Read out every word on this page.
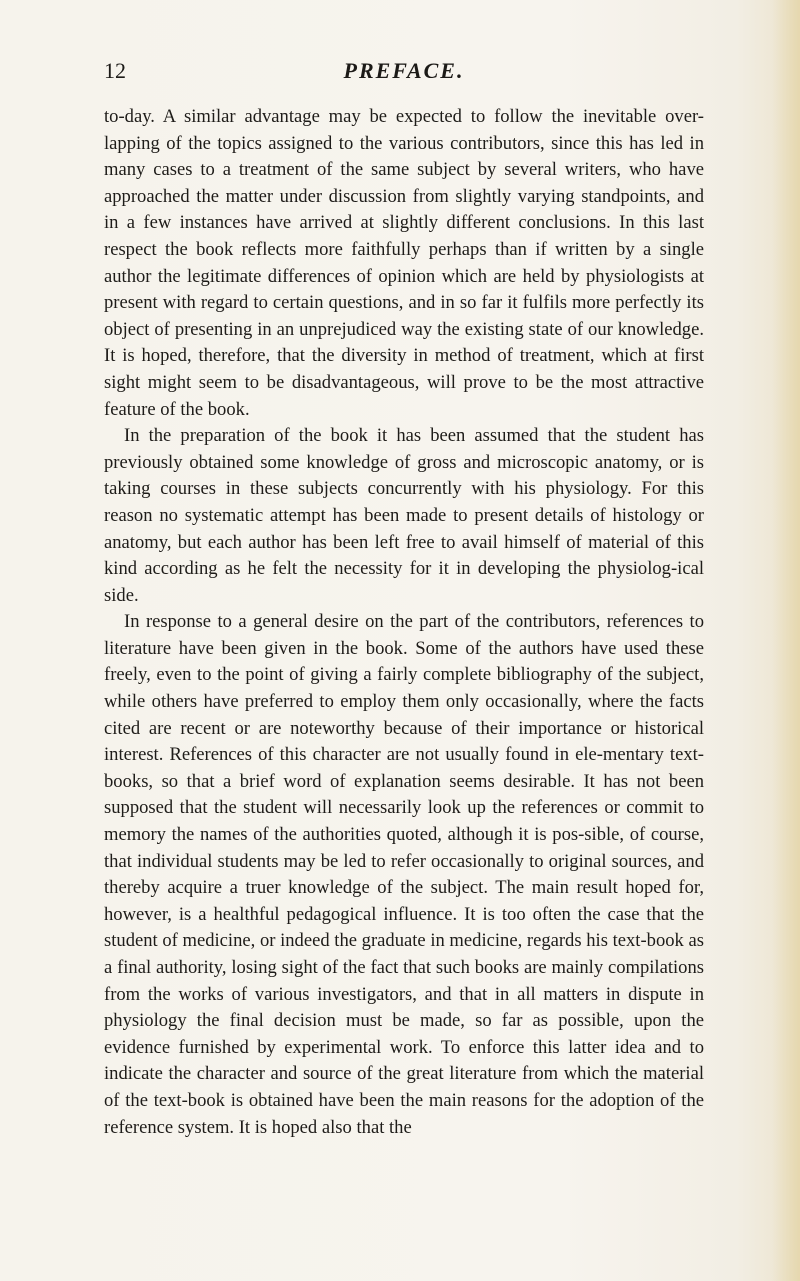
12	PREFACE.

to-day. A similar advantage may be expected to follow the inevitable over-lapping of the topics assigned to the various contributors, since this has led in many cases to a treatment of the same subject by several writers, who have approached the matter under discussion from slightly varying standpoints, and in a few instances have arrived at slightly different conclusions. In this last respect the book reflects more faithfully perhaps than if written by a single author the legitimate differences of opinion which are held by physiologists at present with regard to certain questions, and in so far it fulfils more perfectly its object of presenting in an unprejudiced way the existing state of our knowledge. It is hoped, therefore, that the diversity in method of treatment, which at first sight might seem to be disadvantageous, will prove to be the most attractive feature of the book.

In the preparation of the book it has been assumed that the student has previously obtained some knowledge of gross and microscopic anatomy, or is taking courses in these subjects concurrently with his physiology. For this reason no systematic attempt has been made to present details of histology or anatomy, but each author has been left free to avail himself of material of this kind according as he felt the necessity for it in developing the physiolog-ical side.

In response to a general desire on the part of the contributors, references to literature have been given in the book. Some of the authors have used these freely, even to the point of giving a fairly complete bibliography of the subject, while others have preferred to employ them only occasionally, where the facts cited are recent or are noteworthy because of their importance or historical interest. References of this character are not usually found in ele-mentary text-books, so that a brief word of explanation seems desirable. It has not been supposed that the student will necessarily look up the references or commit to memory the names of the authorities quoted, although it is pos-sible, of course, that individual students may be led to refer occasionally to original sources, and thereby acquire a truer knowledge of the subject. The main result hoped for, however, is a healthful pedagogical influence. It is too often the case that the student of medicine, or indeed the graduate in medicine, regards his text-book as a final authority, losing sight of the fact that such books are mainly compilations from the works of various investigators, and that in all matters in dispute in physiology the final decision must be made, so far as possible, upon the evidence furnished by experimental work. To enforce this latter idea and to indicate the character and source of the great literature from which the material of the text-book is obtained have been the main reasons for the adoption of the reference system. It is hoped also that the
